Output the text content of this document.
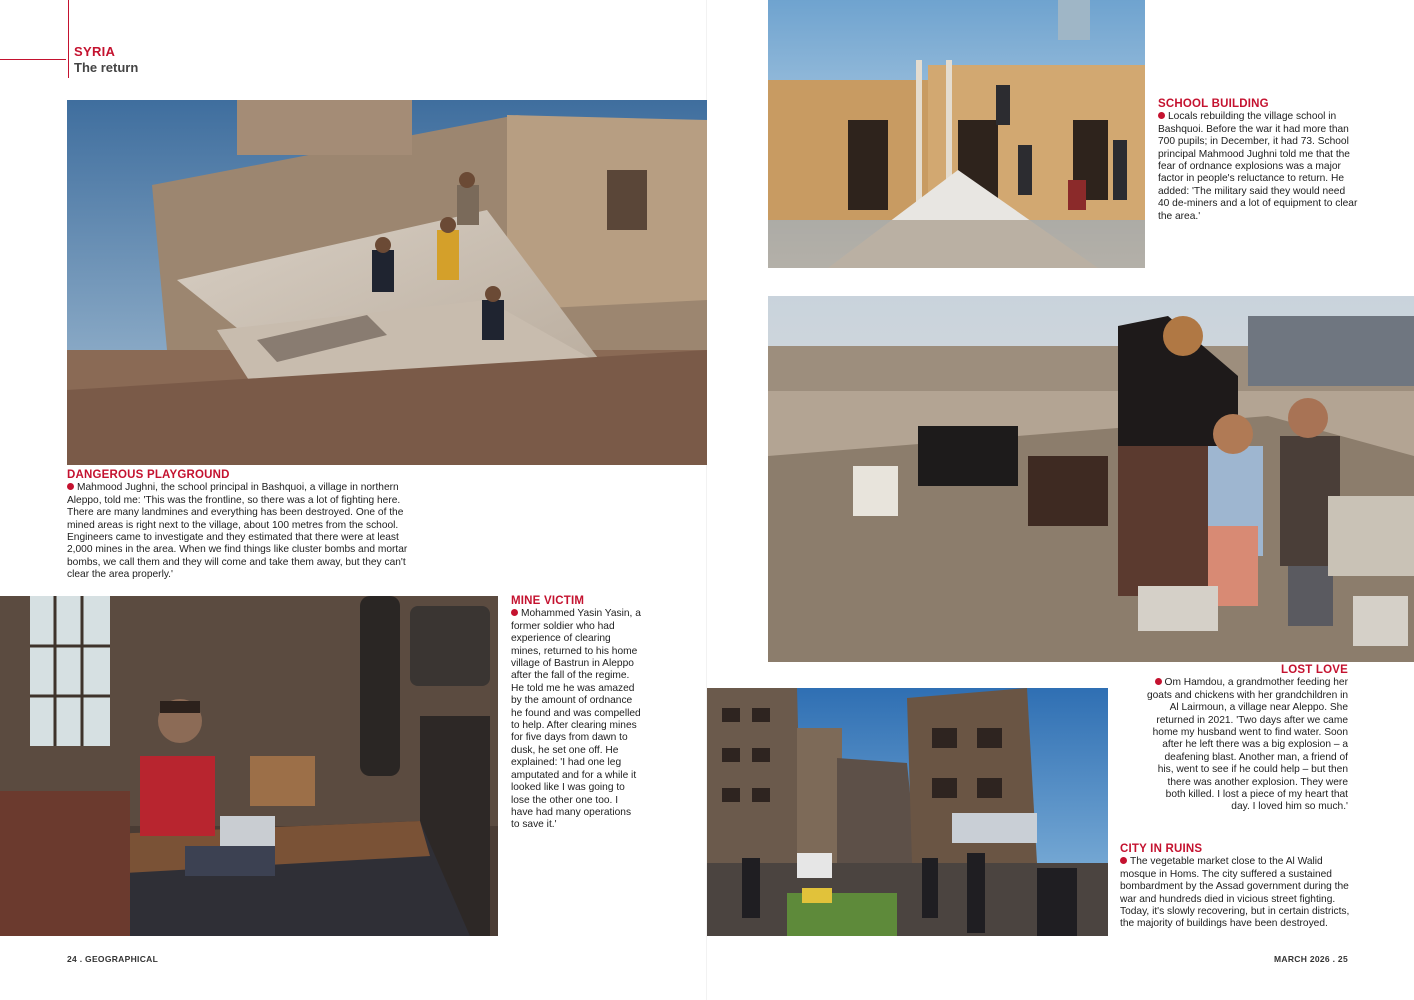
SYRIA
The return
DANGEROUS PLAYGROUND
Mahmood Jughni, the school principal in Bashquoi, a village in northern Aleppo, told me: 'This was the frontline, so there was a lot of fighting here. There are many landmines and everything has been destroyed. One of the mined areas is right next to the village, about 100 metres from the school. Engineers came to investigate and they estimated that there were at least 2,000 mines in the area. When we find things like cluster bombs and mortar bombs, we call them and they will come and take them away, but they can't clear the area properly.'
MINE VICTIM
Mohammed Yasin Yasin, a former soldier who had experience of clearing mines, returned to his home village of Bastrun in Aleppo after the fall of the regime. He told me he was amazed by the amount of ordnance he found and was compelled to help. After clearing mines for five days from dawn to dusk, he set one off. He explained: 'I had one leg amputated and for a while it looked like I was going to lose the other one too. I have had many operations to save it.'
SCHOOL BUILDING
Locals rebuilding the village school in Bashquoi. Before the war it had more than 700 pupils; in December, it had 73. School principal Mahmood Jughni told me that the fear of ordnance explosions was a major factor in people's reluctance to return. He added: 'The military said they would need 40 de-miners and a lot of equipment to clear the area.'
LOST LOVE
Om Hamdou, a grandmother feeding her goats and chickens with her grandchildren in Al Lairmoun, a village near Aleppo. She returned in 2021. 'Two days after we came home my husband went to find water. Soon after he left there was a big explosion – a deafening blast. Another man, a friend of his, went to see if he could help – but then there was another explosion. They were both killed. I lost a piece of my heart that day. I loved him so much.'
CITY IN RUINS
The vegetable market close to the Al Walid mosque in Homs. The city suffered a sustained bombardment by the Assad government during the war and hundreds died in vicious street fighting. Today, it's slowly recovering, but in certain districts, the majority of buildings have been destroyed.
24 . GEOGRAPHICAL	MARCH 2026 . 25
